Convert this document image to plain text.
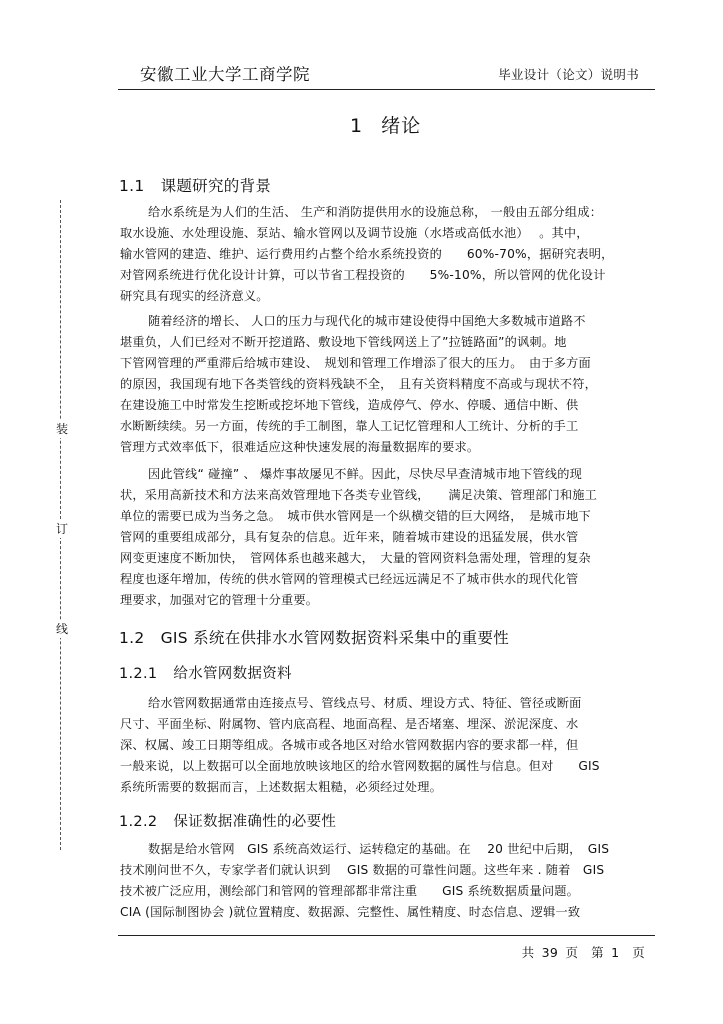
安徽工业大学工商学院	毕业设计（论文）说明书
装
订
线
1 绪论
1.1 课题研究的背景
给水系统是为人们的生活、 生产和消防提供用水的设施总称， 一般由五部分组成：
取水设施、水处理设施、泵站、输水管网以及调节设施（水塔或高低水池）　 。其中，
输水管网的建造、维护、运行费用约占整个给水系统投资的　　60%-70%，据研究表明，
对管网系统进行优化设计计算，可以节省工程投资的　　5%-10%，所以管网的优化设计
研究具有现实的经济意义。
随着经济的增长、 人口的压力与现代化的城市建设使得中国绝大多数城市道路不
堪重负，人们已经对不断开挖道路、敷设地下管线网送上了”拉链路面”的讽刺。地
下管网管理的严重滞后给城市建设、　规划和管理工作增添了很大的压力。　由于多方面
的原因，我国现有地下各类管线的资料残缺不全，　且有关资料精度不高或与现状不符，
在建设施工中时常发生挖断或挖坏地下管线，造成停气、停水、停暖、通信中断、供
水断断续续。另一方面，传统的手工制图，靠人工记忆管理和人工统计、分析的手工
管理方式效率低下，很难适应这种快速发展的海量数据库的要求。
因此管线“ 碰撞” 、 爆炸事故屡见不鲜。因此，尽快尽早查清城市地下管线的现
状，采用高新技术和方法来高效管理地下各类专业管线，　　满足决策、管理部门和施工
单位的需要已成为当务之急。　城市供水管网是一个纵横交错的巨大网络，　是城市地下
管网的重要组成部分，具有复杂的信息。近年来，随着城市建设的迅猛发展，供水管
网变更速度不断加快，　管网体系也越来越大，　大量的管网资料急需处理，管理的复杂
程度也逐年增加，传统的供水管网的管理模式已经远远满足不了城市供水的现代化管
理要求，加强对它的管理十分重要。
1.2 GIS 系统在供排水水管网数据资料采集中的重要性
1.2.1 给水管网数据资料
给水管网数据通常由连接点号、管线点号、材质、埋设方式、特征、管径或断面
尺寸、平面坐标、附属物、管内底高程、地面高程、是否堵塞、埋深、淤泥深度、水
深、权属、竣工日期等组成。各城市或各地区对给水管网数据内容的要求都一样，但
一般来说，以上数据可以全面地放映该地区的给水管网数据的属性与信息。但对　　GIS
系统所需要的数据而言，上述数据太粗糙，必须经过处理。
1.2.2 保证数据准确性的必要性
数据是给水管网　GIS 系统高效运行、运转稳定的基础。在　 20 世纪中后期，　GIS
技术刚问世不久，专家学者们就认识到　 GIS 数据的可靠性问题。这些年来 . 随着　GIS
技术被广泛应用，测绘部门和管网的管理部都非常注重　　GIS 系统数据质量问题。
CIA (国际制图协会 )就位置精度、数据源、完整性、属性精度、时态信息、逻辑一致
共 39 页　 第 1　页
